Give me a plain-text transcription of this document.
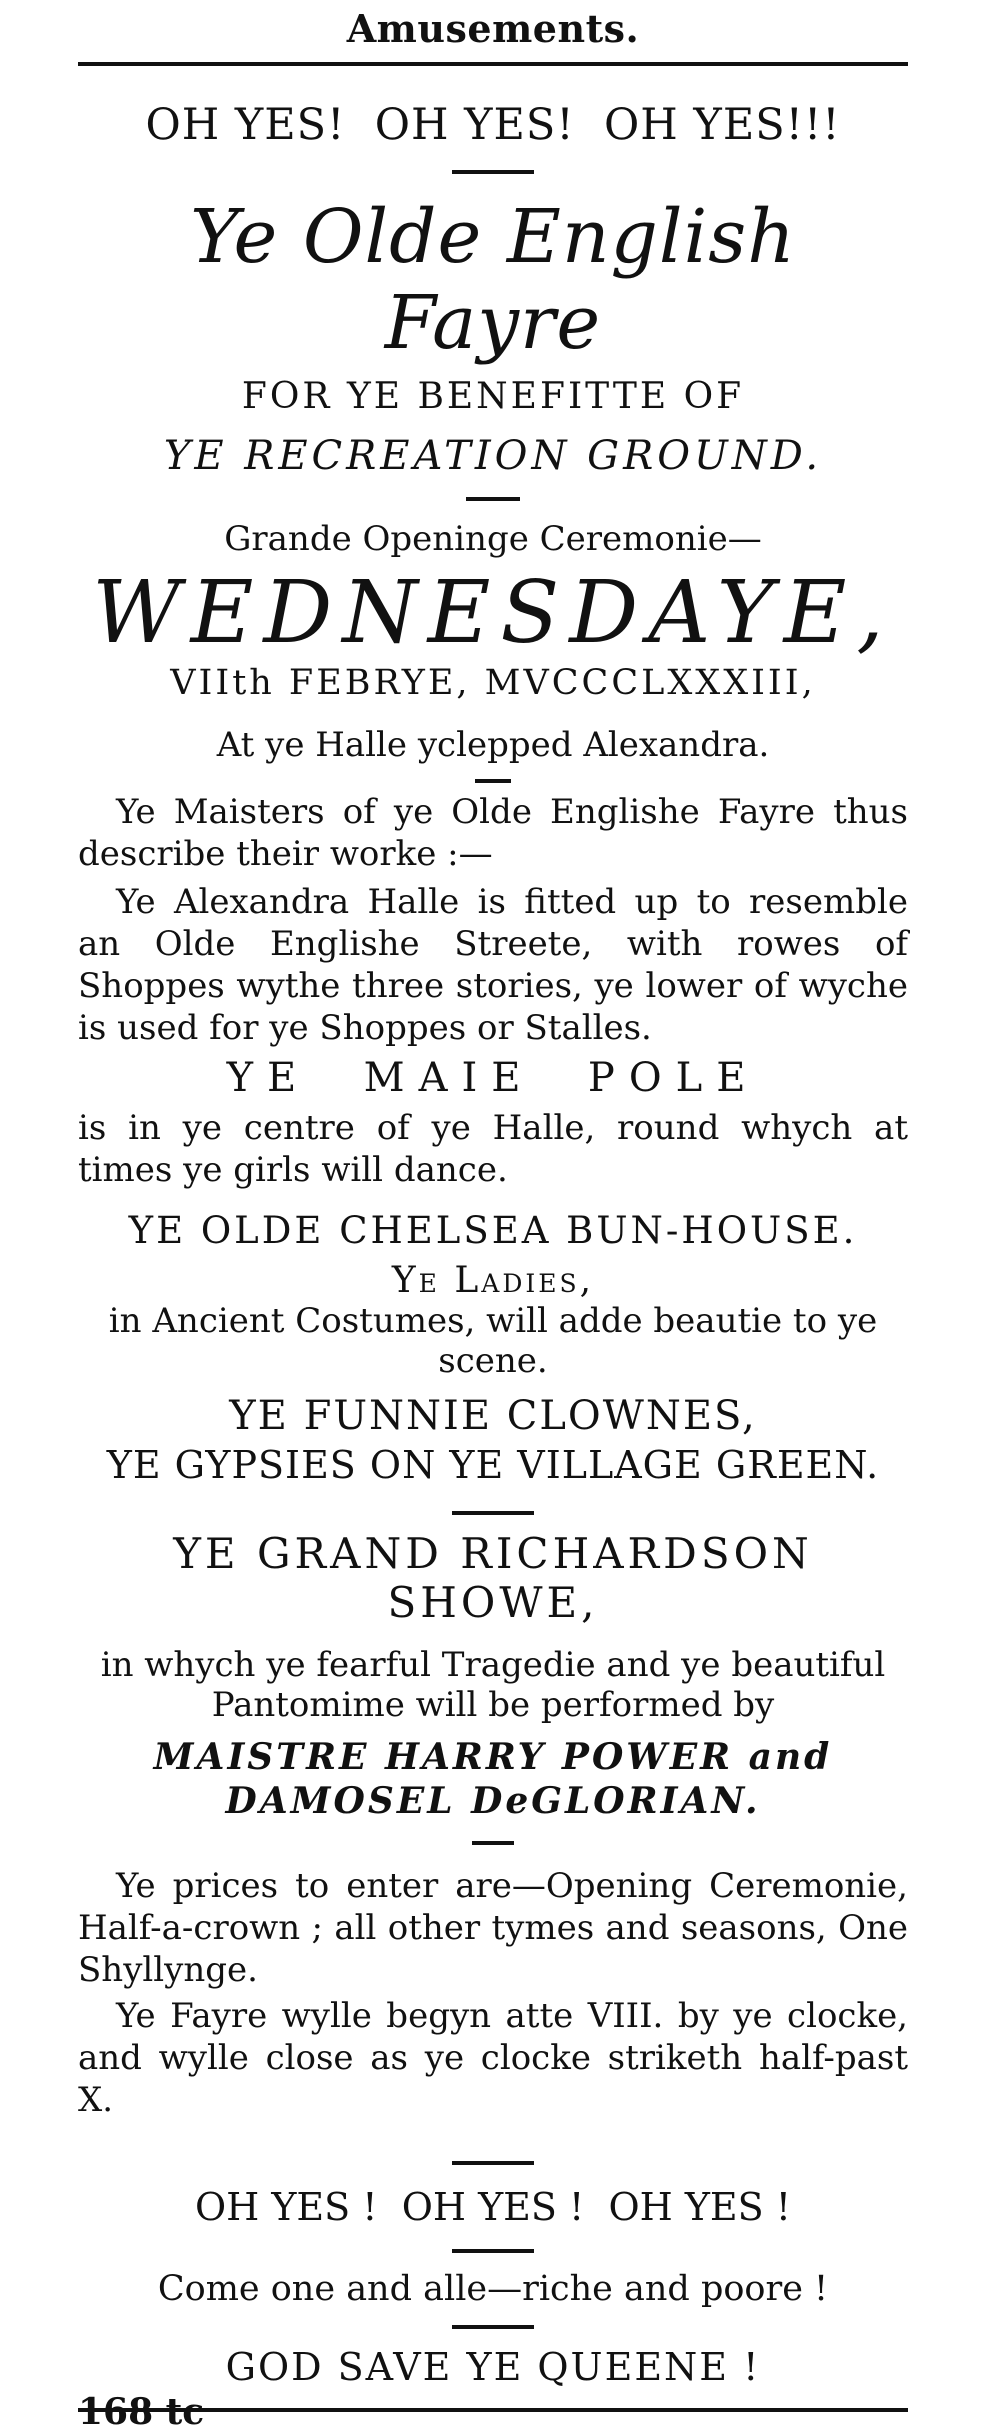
Amusements.
OH YES!  OH YES!  OH YES!!!
Ye Olde English Fayre
FOR YE BENEFITTE OF
YE RECREATION GROUND.
Grande Openinge Ceremonie—
WEDNESDAYE,
VIIth FEBRYE, MVCCCLXXXIII,
At ye Halle yclepped Alexandra.
Ye Maisters of ye Olde Englishe Fayre thus describe their worke :—
Ye Alexandra Halle is fitted up to resemble an Olde Englishe Streete, with rowes of Shoppes wythe three stories, ye lower of wyche is used for ye Shoppes or Stalles.
YE  MAIE  POLE
is in ye centre of ye Halle, round whych at times ye girls will dance.
YE OLDE CHELSEA BUN-HOUSE.
Ye Ladies,
in Ancient Costumes, will adde beautie to ye scene.
YE FUNNIE CLOWNES,
YE GYPSIES ON YE VILLAGE GREEN.
YE GRAND RICHARDSON
SHOWE,
in whych ye fearful Tragedie and ye beautiful Pantomime will be performed by
MAISTRE HARRY POWER and
DAMOSEL DeGLORIAN.
Ye prices to enter are—Opening Ceremonie, Half-a-crown ; all other tymes and seasons, One Shyllynge.
Ye Fayre wylle begyn atte VIII. by ye clocke, and wylle close as ye clocke striketh half-past X.
OH YES !  OH YES !  OH YES !
Come one and alle—riche and poore !
GOD SAVE YE QUEENE !
168 tc
